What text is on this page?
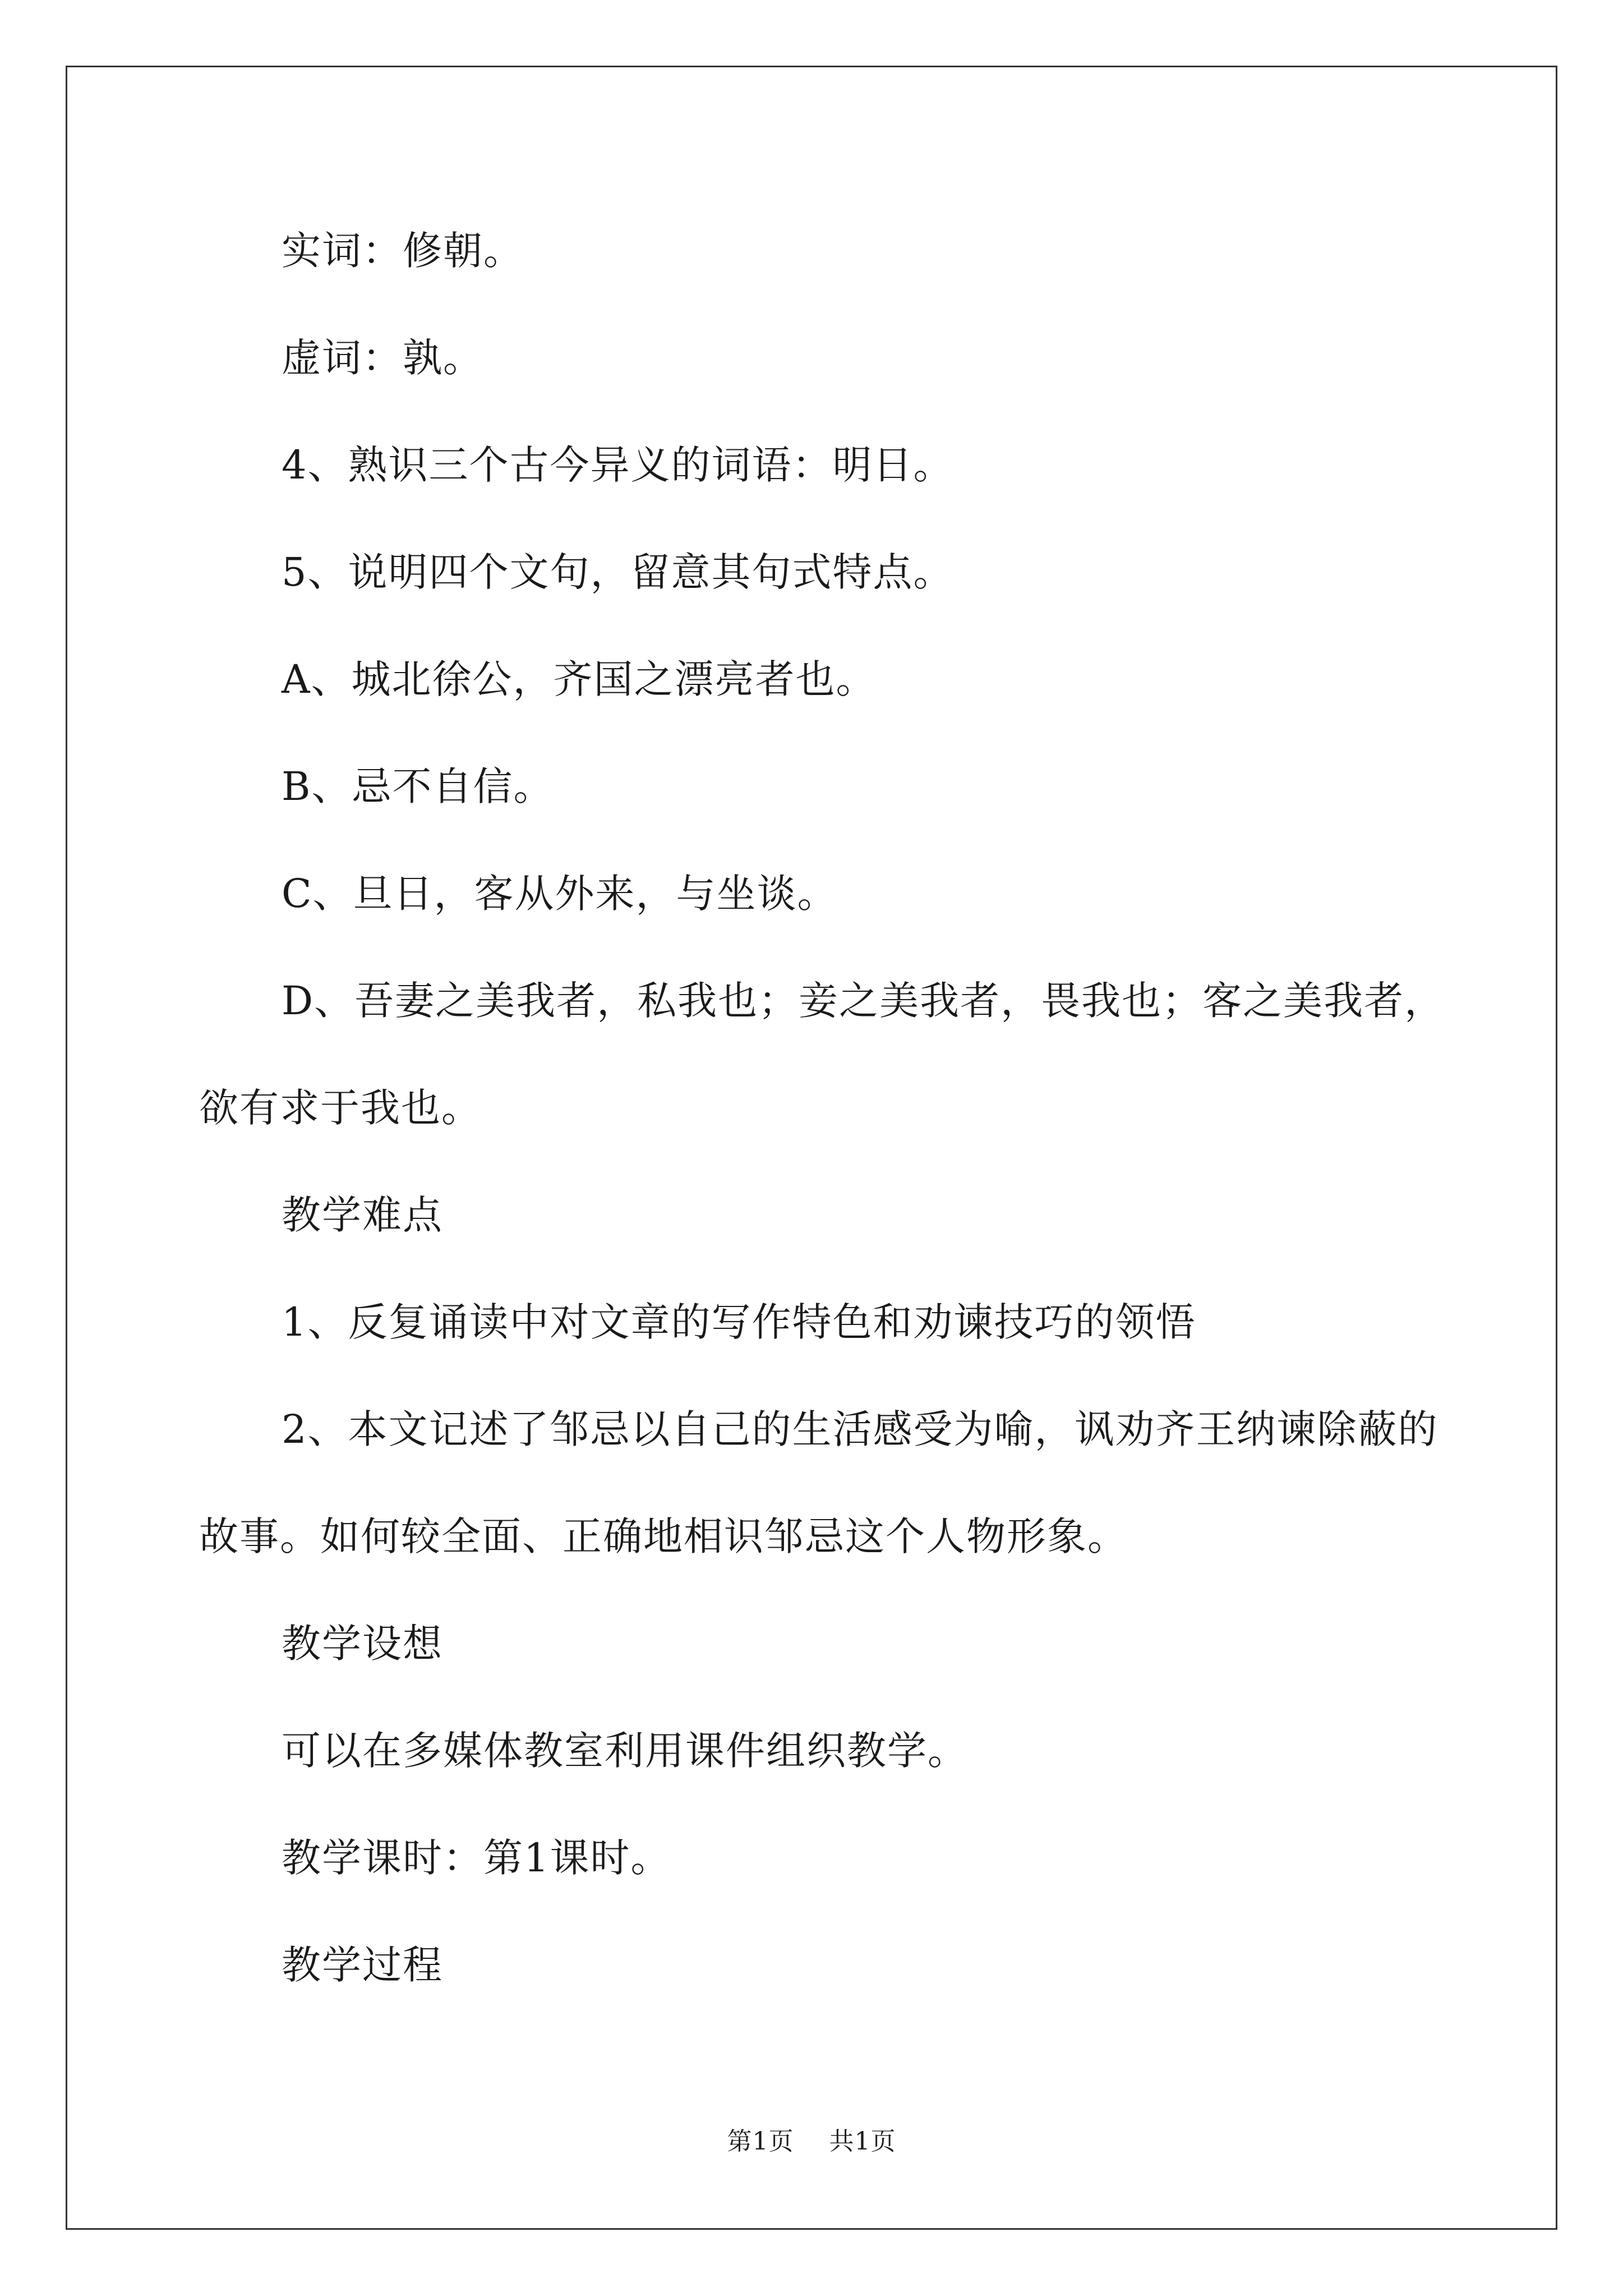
实词：修朝。

虚词：孰。

4、熟识三个古今异义的词语：明日。

5、说明四个文句，留意其句式特点。

A、城北徐公，齐国之漂亮者也。

B、忌不自信。

C、旦日，客从外来，与坐谈。

D、吾妻之美我者，私我也；妾之美我者，畏我也；客之美我者，

欲有求于我也。

教学难点

1、反复诵读中对文章的写作特色和劝谏技巧的领悟

2、本文记述了邹忌以自己的生活感受为喻，讽劝齐王纳谏除蔽的

故事。如何较全面、正确地相识邹忌这个人物形象。

教学设想

可以在多媒体教室利用课件组织教学。

教学课时：第1课时。

教学过程

第1页 共1页
